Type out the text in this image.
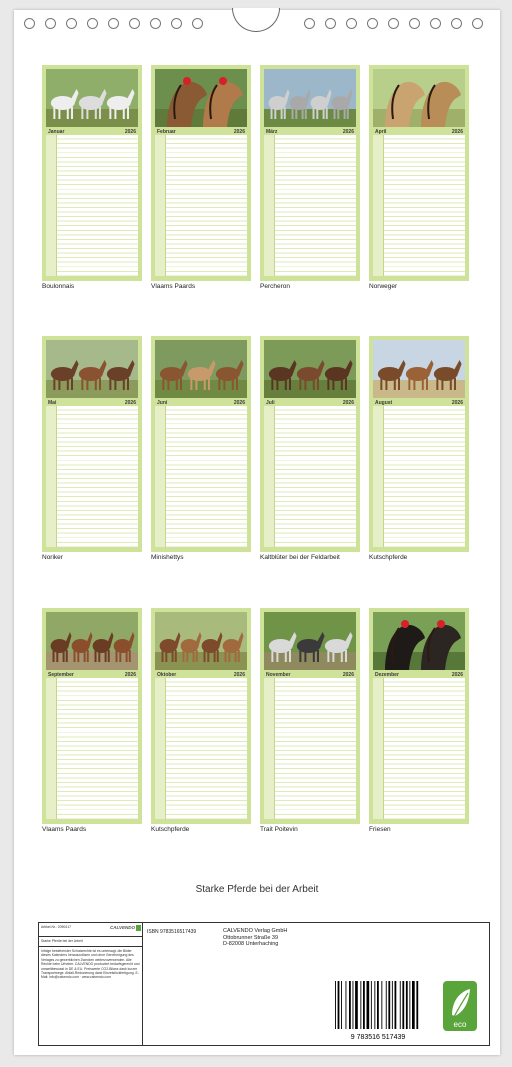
Januar	2026
Boulonnais
Februar	2026
Vlaams Paards
März	2026
Percheron
April	2026
Norweger
Mai	2026
Noriker
Juni	2026
Minishettys
Juli	2026
Kaltblüter bei der Feldarbeit
August	2026
Kutschpferde
September	2026
Vlaams Paards
Oktober	2026
Kutschpferde
November	2026
Trait Poitevin
Dezember	2026
Friesen
Starke Pferde bei der Arbeit
Artikel-Nr.: 2090417	CALVENDO
Starke Pferde bei der Arbeit
Infolge bestehender Schutzrechte ist es untersagt, die Bilder dieses Kalenders herauszulösen und ohne Genehmigung des Verlages zu gewerblichen Zwecken weiterzuverwenden. Alle Rechte beim Urheber. CALVENDO produziert bedarfsgerecht und umweltbewusst in DE & EU. Preiswerte CO2-Bilanz dank kurzer Transportwege. Abfall-Reduzierung dank Einzelstückfertigung. E-Mail: info@calvendo.com · www.calvendo.com
ISBN 9783516517439	CALVENDO Verlag GmbH
Ottobrunner Straße 39
D-82008 Unterhaching
9 783516 517439
eco
